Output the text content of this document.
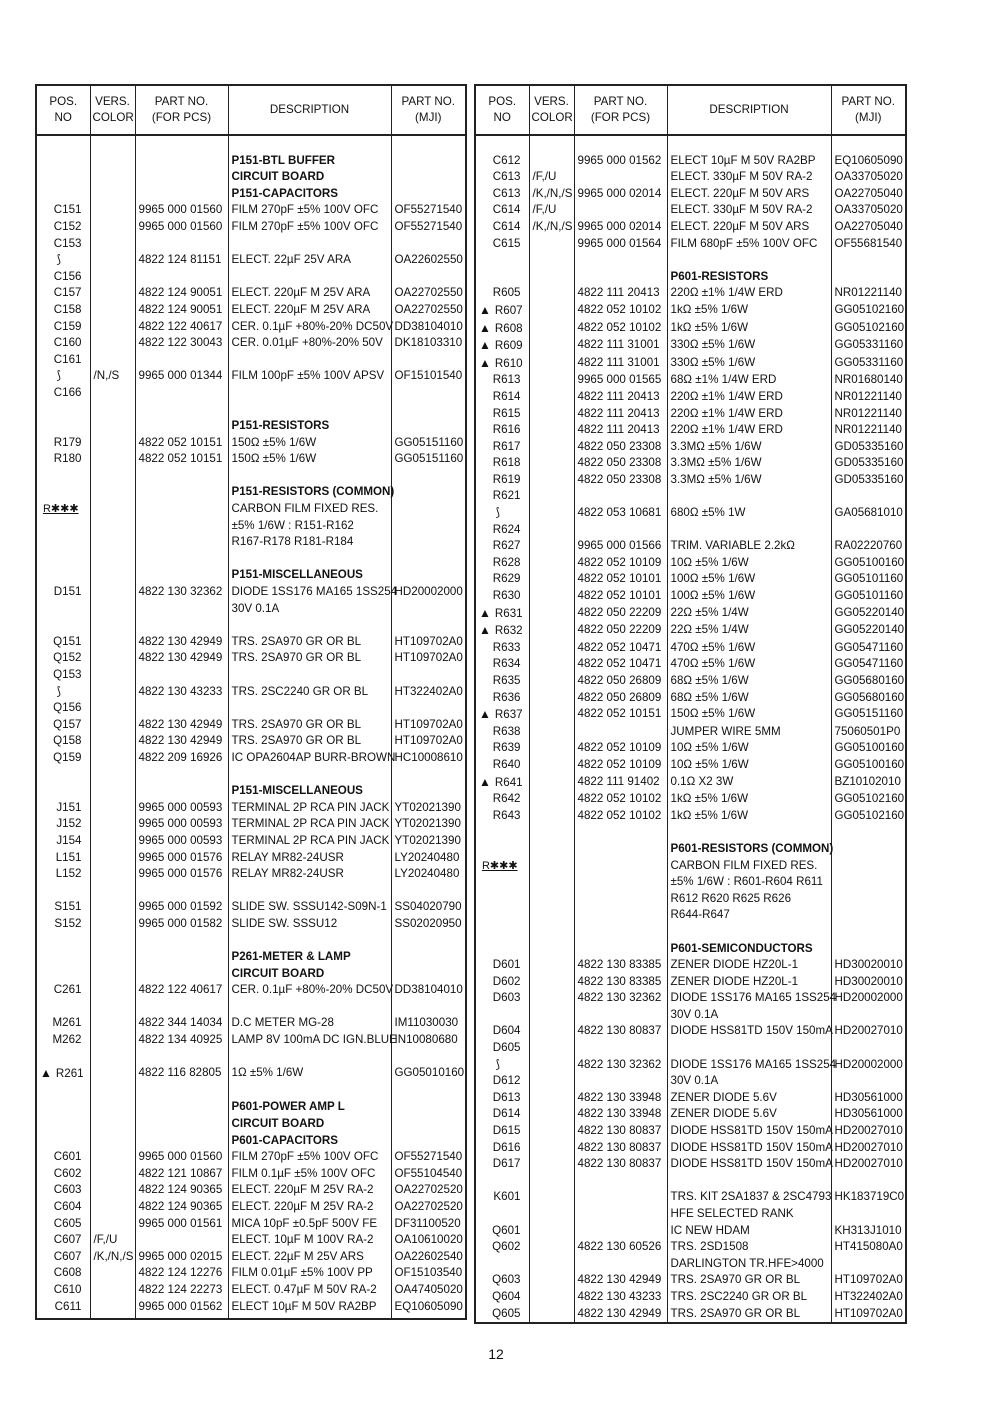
POS.
NO	VERS.
COLOR	PART NO.
(FOR PCS)	DESCRIPTION	PART NO.
(MJI)

			P151-BTL BUFFER	
			CIRCUIT BOARD	
			P151-CAPACITORS	
C151		9965 000 01560	FILM 270pF ±5% 100V OFC	OF55271540
C152		9965 000 01560	FILM 270pF ±5% 100V OFC	OF55271540
C153				
⟆		4822 124 81151	ELECT. 22µF 25V ARA	OA22602550
C156				
C157		4822 124 90051	ELECT. 220µF M 25V ARA	OA22702550
C158		4822 124 90051	ELECT. 220µF M 25V ARA	OA22702550
C159		4822 122 40617	CER. 0.1µF +80%-20% DC50V	DD38104010
C160		4822 122 30043	CER. 0.01µF +80%-20% 50V	DK18103310
C161				
⟆	/N,/S	9965 000 01344	FILM 100pF ±5% 100V APSV	OF15101540
C166				

			P151-RESISTORS	
R179		4822 052 10151	150Ω ±5% 1/6W	GG05151160
R180		4822 052 10151	150Ω ±5% 1/6W	GG05151160

			P151-RESISTORS (COMMON)	
R✱✱✱			CARBON FILM FIXED RES.	
			±5% 1/6W : R151-R162	
			R167-R178 R181-R184	

			P151-MISCELLANEOUS	
D151		4822 130 32362	DIODE 1SS176 MA165 1SS254	HD20002000
			30V 0.1A	

Q151		4822 130 42949	TRS. 2SA970 GR OR BL	HT109702A0
Q152		4822 130 42949	TRS. 2SA970 GR OR BL	HT109702A0
Q153				
⟆		4822 130 43233	TRS. 2SC2240 GR OR BL	HT322402A0
Q156				
Q157		4822 130 42949	TRS. 2SA970 GR OR BL	HT109702A0
Q158		4822 130 42949	TRS. 2SA970 GR OR BL	HT109702A0
Q159		4822 209 16926	IC OPA2604AP BURR-BROWN	HC10008610

			P151-MISCELLANEOUS	
J151		9965 000 00593	TERMINAL 2P RCA PIN JACK	YT02021390
J152		9965 000 00593	TERMINAL 2P RCA PIN JACK	YT02021390
J154		9965 000 00593	TERMINAL 2P RCA PIN JACK	YT02021390
L151		9965 000 01576	RELAY MR82-24USR	LY20240480
L152		9965 000 01576	RELAY MR82-24USR	LY20240480

S151		9965 000 01592	SLIDE SW. SSSU142-S09N-1	SS04020790
S152		9965 000 01582	SLIDE SW. SSSU12	SS02020950

			P261-METER & LAMP	
			CIRCUIT BOARD	
C261		4822 122 40617	CER. 0.1µF +80%-20% DC50V	DD38104010

M261		4822 344 14034	D.C METER MG-28	IM11030030
M262		4822 134 40925	LAMP 8V 100mA DC IGN.BLUE	IN10080680

▲ R261		4822 116 82805	1Ω ±5% 1/6W	GG05010160

			P601-POWER AMP L	
			CIRCUIT BOARD	
			P601-CAPACITORS	
C601		9965 000 01560	FILM 270pF ±5% 100V OFC	OF55271540
C602		4822 121 10867	FILM 0.1µF ±5% 100V OFC	OF55104540
C603		4822 124 90365	ELECT. 220µF M 25V RA-2	OA22702520
C604		4822 124 90365	ELECT. 220µF M 25V RA-2	OA22702520
C605		9965 000 01561	MICA 10pF ±0.5pF 500V FE	DF31100520
C607	/F,/U		ELECT. 10µF M 100V RA-2	OA10610020
C607	/K,/N,/S	9965 000 02015	ELECT. 22µF M 25V ARS	OA22602540
C608		4822 124 12276	FILM 0.01µF ±5% 100V PP	OF15103540
C610		4822 124 22273	ELECT. 0.47µF M 50V RA-2	OA47405020
C611		9965 000 01562	ELECT 10µF M 50V RA2BP	EQ10605090

POS.
NO	VERS.
COLOR	PART NO.
(FOR PCS)	DESCRIPTION	PART NO.
(MJI)

C612		9965 000 01562	ELECT 10µF M 50V RA2BP	EQ10605090
C613	/F,/U		ELECT. 330µF M 50V RA-2	OA33705020
C613	/K,/N,/S	9965 000 02014	ELECT. 220µF M 50V ARS	OA22705040
C614	/F,/U		ELECT. 330µF M 50V RA-2	OA33705020
C614	/K,/N,/S	9965 000 02014	ELECT. 220µF M 50V ARS	OA22705040
C615		9965 000 01564	FILM 680pF ±5% 100V OFC	OF55681540

			P601-RESISTORS	
R605		4822 111 20413	220Ω ±1% 1/4W ERD	NR01221140
▲ R607		4822 052 10102	1kΩ ±5% 1/6W	GG05102160
▲ R608		4822 052 10102	1kΩ ±5% 1/6W	GG05102160
▲ R609		4822 111 31001	330Ω ±5% 1/6W	GG05331160
▲ R610		4822 111 31001	330Ω ±5% 1/6W	GG05331160
R613		9965 000 01565	68Ω ±1% 1/4W ERD	NR01680140
R614		4822 111 20413	220Ω ±1% 1/4W ERD	NR01221140
R615		4822 111 20413	220Ω ±1% 1/4W ERD	NR01221140
R616		4822 111 20413	220Ω ±1% 1/4W ERD	NR01221140
R617		4822 050 23308	3.3MΩ ±5% 1/6W	GD05335160
R618		4822 050 23308	3.3MΩ ±5% 1/6W	GD05335160
R619		4822 050 23308	3.3MΩ ±5% 1/6W	GD05335160
R621				
⟆		4822 053 10681	680Ω ±5% 1W	GA05681010
R624				
R627		9965 000 01566	TRIM. VARIABLE 2.2kΩ	RA02220760
R628		4822 052 10109	10Ω ±5% 1/6W	GG05100160
R629		4822 052 10101	100Ω ±5% 1/6W	GG05101160
R630		4822 052 10101	100Ω ±5% 1/6W	GG05101160
▲ R631		4822 050 22209	22Ω ±5% 1/4W	GG05220140
▲ R632		4822 050 22209	22Ω ±5% 1/4W	GG05220140
R633		4822 052 10471	470Ω ±5% 1/6W	GG05471160
R634		4822 052 10471	470Ω ±5% 1/6W	GG05471160
R635		4822 050 26809	68Ω ±5% 1/6W	GG05680160
R636		4822 050 26809	68Ω ±5% 1/6W	GG05680160
▲ R637		4822 052 10151	150Ω ±5% 1/6W	GG05151160
R638			JUMPER WIRE 5MM	75060501P0
R639		4822 052 10109	10Ω ±5% 1/6W	GG05100160
R640		4822 052 10109	10Ω ±5% 1/6W	GG05100160
▲ R641		4822 111 91402	0.1Ω X2 3W	BZ10102010
R642		4822 052 10102	1kΩ ±5% 1/6W	GG05102160
R643		4822 052 10102	1kΩ ±5% 1/6W	GG05102160

			P601-RESISTORS (COMMON)	
R✱✱✱			CARBON FILM FIXED RES.	
			±5% 1/6W : R601-R604 R611	
			R612 R620 R625 R626	
			R644-R647	

			P601-SEMICONDUCTORS	
D601		4822 130 83385	ZENER DIODE HZ20L-1	HD30020010
D602		4822 130 83385	ZENER DIODE HZ20L-1	HD30020010
D603		4822 130 32362	DIODE 1SS176 MA165 1SS254	HD20002000
			30V 0.1A	
D604		4822 130 80837	DIODE HSS81TD 150V 150mA	HD20027010
D605				
⟆		4822 130 32362	DIODE 1SS176 MA165 1SS254	HD20002000
D612			30V 0.1A	
D613		4822 130 33948	ZENER DIODE 5.6V	HD30561000
D614		4822 130 33948	ZENER DIODE 5.6V	HD30561000
D615		4822 130 80837	DIODE HSS81TD 150V 150mA	HD20027010
D616		4822 130 80837	DIODE HSS81TD 150V 150mA	HD20027010
D617		4822 130 80837	DIODE HSS81TD 150V 150mA	HD20027010

K601			TRS. KIT 2SA1837 & 2SC4793	HK183719C0
			HFE SELECTED RANK	
Q601			IC NEW HDAM	KH313J1010
Q602		4822 130 60526	TRS. 2SD1508	HT415080A0
			DARLINGTON TR.HFE>4000	
Q603		4822 130 42949	TRS. 2SA970 GR OR BL	HT109702A0
Q604		4822 130 43233	TRS. 2SC2240 GR OR BL	HT322402A0
Q605		4822 130 42949	TRS. 2SA970 GR OR BL	HT109702A0

12
